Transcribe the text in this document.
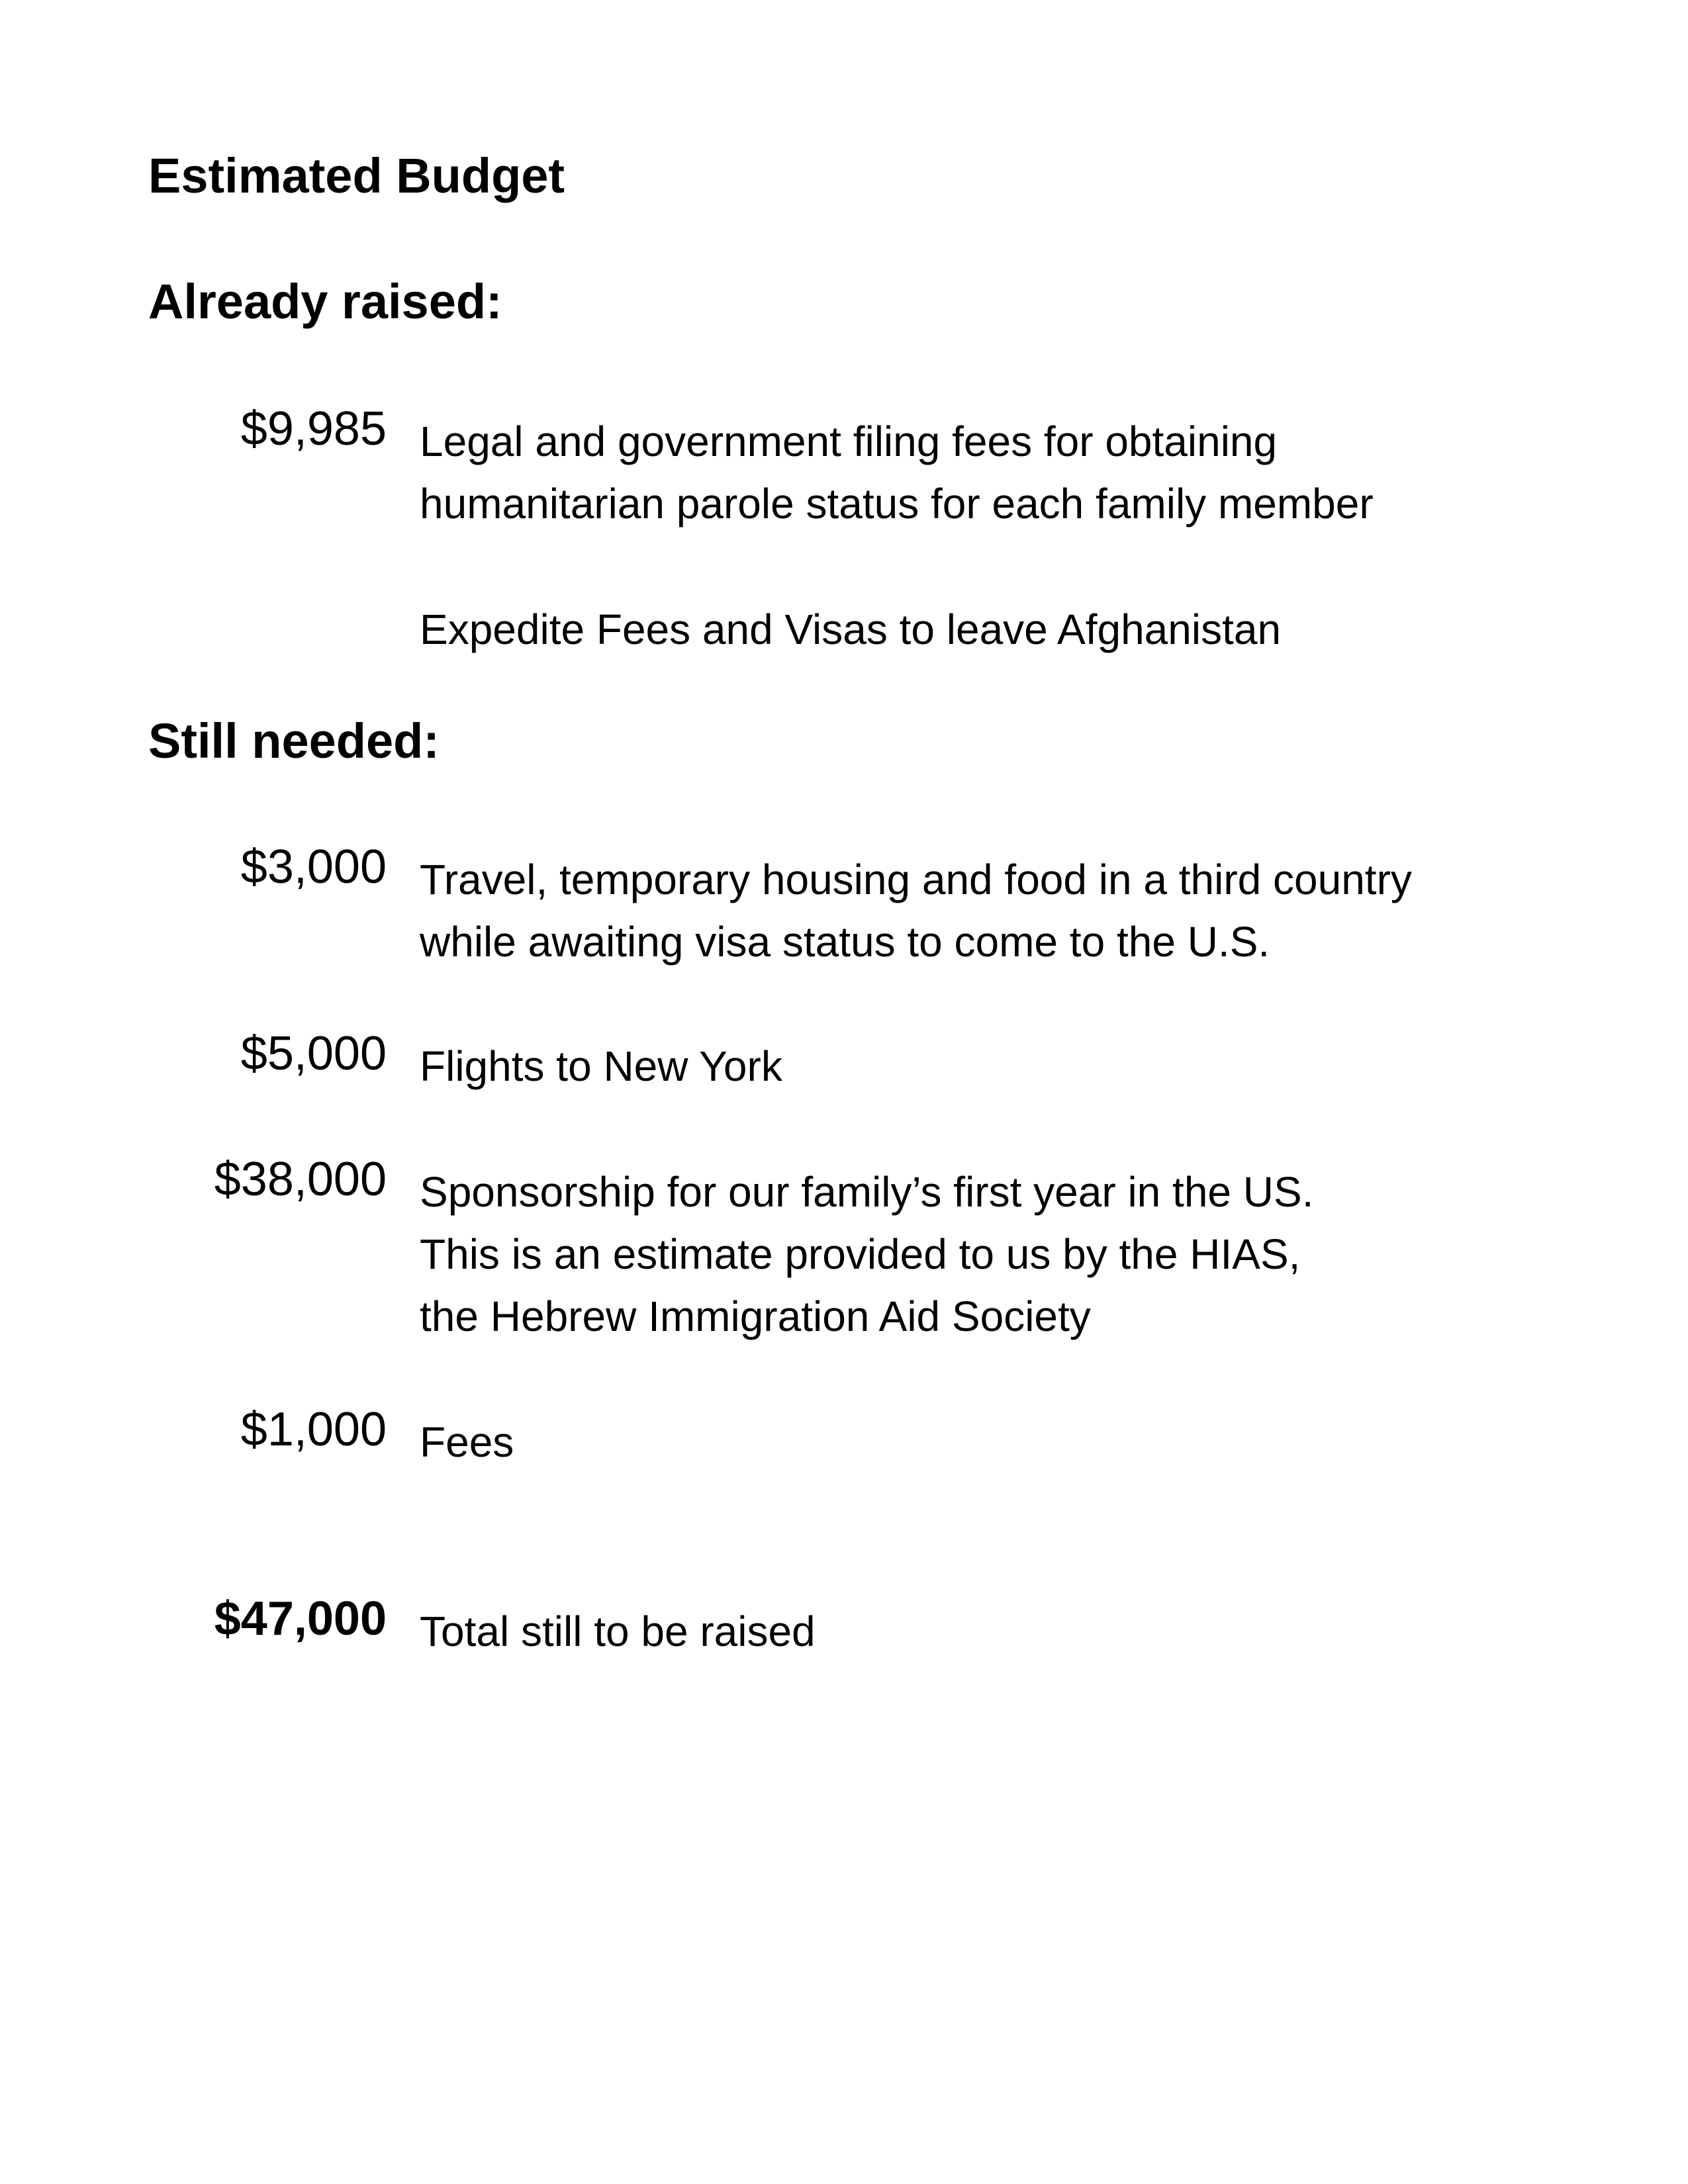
Estimated Budget
Already raised:
$9,985 Legal and government filing fees for obtaining
humanitarian parole status for each family member
Expedite Fees and Visas to leave Afghanistan
Still needed:
$3,000 Travel, temporary housing and food in a third country
while awaiting visa status to come to the U.S.
$5,000 Flights to New York
$38,000 Sponsorship for our family’s first year in the US.
This is an estimate provided to us by the HIAS,
the Hebrew Immigration Aid Society
$1,000 Fees
$47,000 Total still to be raised
